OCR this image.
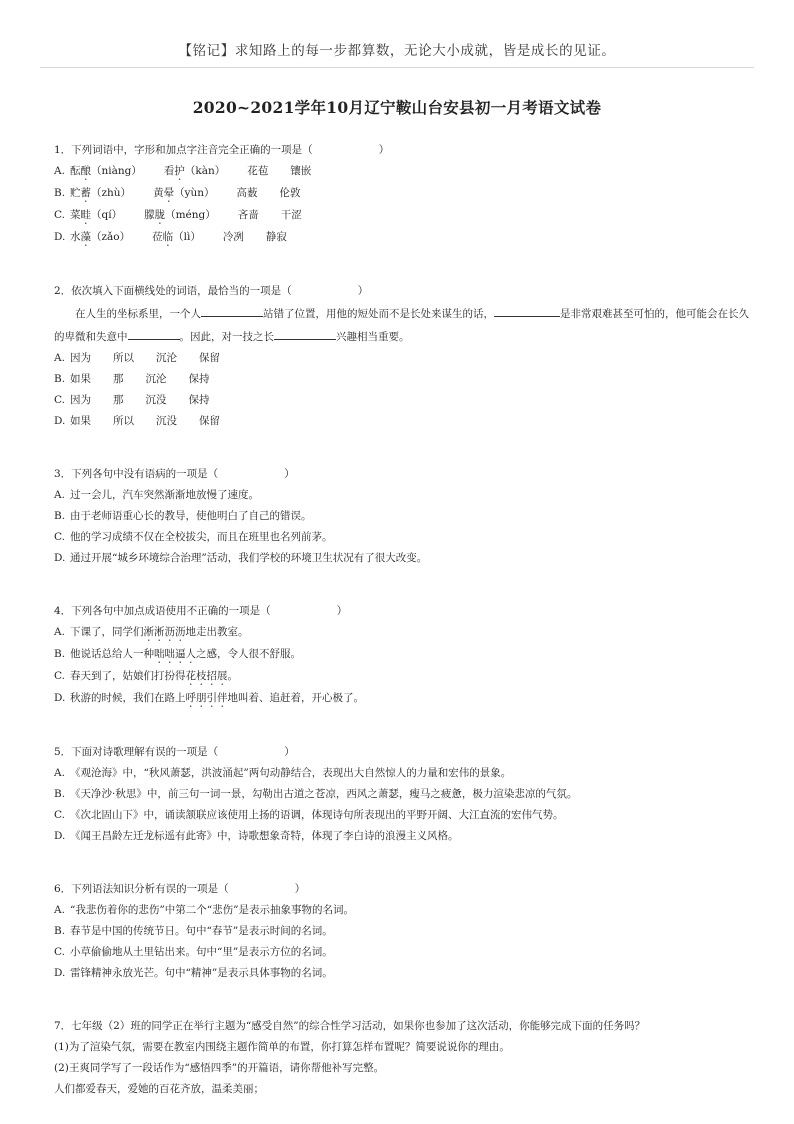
【铭记】求知路上的每一步都算数，无论大小成就，皆是成长的见证。
2020~2021学年10月辽宁鞍山台安县初一月考语文试卷
1．下列词语中，字形和加点字注音完全正确的一项是（	）
A. 酝酿（niàng） 看护（kàn） 花苞 镶嵌
B. 贮蓄（zhù） 黄晕（yùn） 高薮 伦敦
C. 菜畦（qí） 朦胧（méng） 吝啬 干涩
D. 水藻（zǎo） 莅临（lì） 冷冽 静寂
2．依次填入下面横线处的词语，最恰当的一项是（	）
在人生的坐标系里，一个人	站错了位置，用他的短处而不是长处来谋生的话，	是非常艰难甚至可怕的，他可能会在长久的卑微和失意中	。因此，对一技之长	兴趣相当重要。
A. 因为 所以 沉沦 保留
B. 如果 那 沉沦 保持
C. 因为 那 沉没 保持
D. 如果 所以 沉没 保留
3．下列各句中没有语病的一项是（	）
A. 过一会儿，汽车突然渐渐地放慢了速度。
B. 由于老师语重心长的教导，使他明白了自己的错误。
C. 他的学习成绩不仅在全校拔尖，而且在班里也名列前茅。
D. 通过开展“城乡环境综合治理”活动，我们学校的环境卫生状况有了很大改变。
4．下列各句中加点成语使用不正确的一项是（	）
A. 下课了，同学们淅淅沥沥地走出教室。
B. 他说话总给人一种咄咄逼人之感，令人很不舒服。
C. 春天到了，姑娘们打扮得花枝招展。
D. 秋游的时候，我们在路上呼朋引伴地叫着、追赶着，开心极了。
5．下面对诗歌理解有误的一项是（	）
A. 《观沧海》中，“秋风萧瑟，洪波涌起”两句动静结合，表现出大自然惊人的力量和宏伟的景象。
B. 《天净沙·秋思》中，前三句一词一景，勾勒出古道之苍凉，西风之萧瑟，瘦马之疲惫，极力渲染悲凉的气氛。
C. 《次北固山下》中，诵读颔联应该使用上扬的语调，体现诗句所表现出的平野开阔、大江直流的宏伟气势。
D. 《闻王昌龄左迁龙标遥有此寄》中，诗歌想象奇特，体现了李白诗的浪漫主义风格。
6．下列语法知识分析有误的一项是（	）
A. “我悲伤着你的悲伤”中第二个“悲伤”是表示抽象事物的名词。
B. 春节是中国的传统节日。句中“春节”是表示时间的名词。
C. 小草偷偷地从土里钻出来。句中“里”是表示方位的名词。
D. 雷锋精神永放光芒。句中“精神”是表示具体事物的名词。
7．七年级（2）班的同学正在举行主题为“感受自然”的综合性学习活动，如果你也参加了这次活动，你能够完成下面的任务吗？
(1)为了渲染气氛，需要在教室内围绕主题作简单的布置，你打算怎样布置呢？简要说说你的理由。
(2)王爽同学写了一段话作为“感悟四季”的开篇语，请你帮他补写完整。
人们都爱春天，爱她的百花齐放，温柔美丽；
